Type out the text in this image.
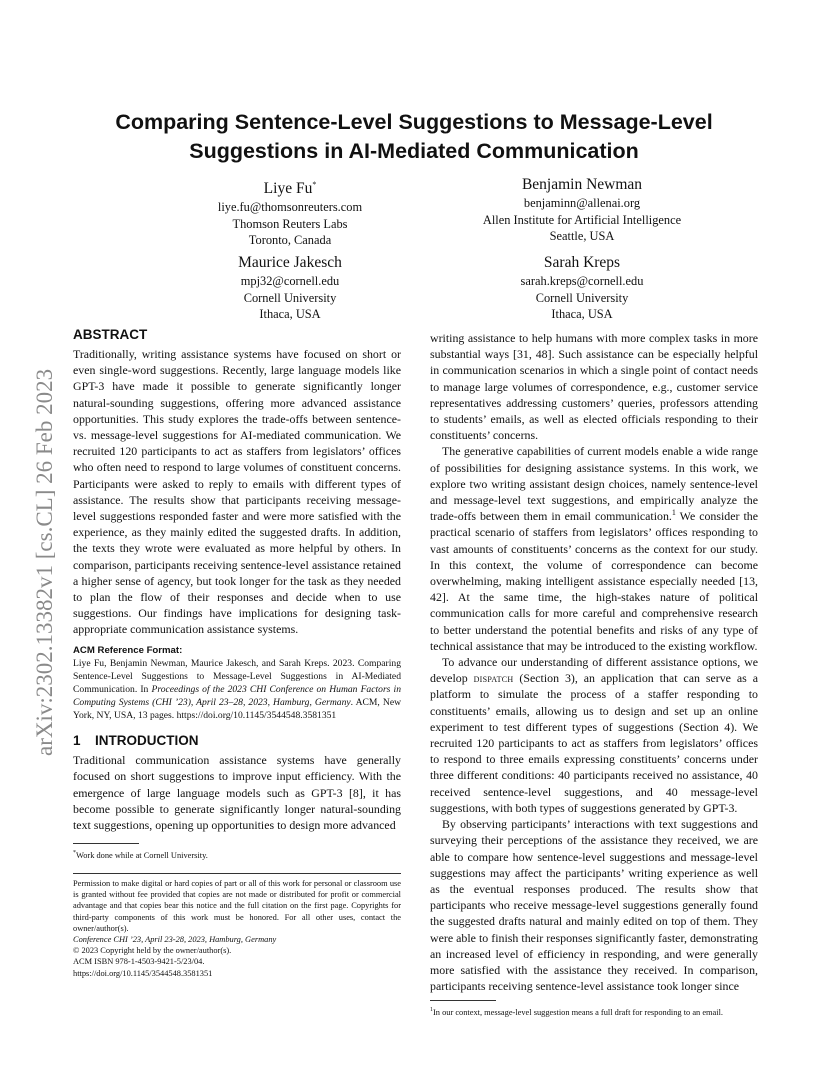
arXiv:2302.13382v1 [cs.CL] 26 Feb 2023
Comparing Sentence-Level Suggestions to Message-Level Suggestions in AI-Mediated Communication
Liye Fu*
liye.fu@thomsonreuters.com
Thomson Reuters Labs
Toronto, Canada
Benjamin Newman
benjaminn@allenai.org
Allen Institute for Artificial Intelligence
Seattle, USA
Maurice Jakesch
mpj32@cornell.edu
Cornell University
Ithaca, USA
Sarah Kreps
sarah.kreps@cornell.edu
Cornell University
Ithaca, USA
ABSTRACT

Traditionally, writing assistance systems have focused on short or even single-word suggestions. Recently, large language models like GPT-3 have made it possible to generate significantly longer natural-sounding suggestions, offering more advanced assistance opportunities. This study explores the trade-offs between sentence- vs. message-level suggestions for AI-mediated communication. We recruited 120 participants to act as staffers from legislators’ offices who often need to respond to large volumes of constituent concerns. Participants were asked to reply to emails with different types of assistance. The results show that participants receiving message-level suggestions responded faster and were more satisfied with the experience, as they mainly edited the suggested drafts. In addition, the texts they wrote were evaluated as more helpful by others. In comparison, participants receiving sentence-level assistance retained a higher sense of agency, but took longer for the task as they needed to plan the flow of their responses and decide when to use suggestions. Our findings have implications for designing task-appropriate communication assistance systems.

ACM Reference Format:
Liye Fu, Benjamin Newman, Maurice Jakesch, and Sarah Kreps. 2023. Comparing Sentence-Level Suggestions to Message-Level Suggestions in AI-Mediated Communication. In Proceedings of the 2023 CHI Conference on Human Factors in Computing Systems (CHI ’23), April 23–28, 2023, Hamburg, Germany. ACM, New York, NY, USA, 13 pages. https://doi.org/10.1145/3544548.3581351
1 INTRODUCTION

Traditional communication assistance systems have generally focused on short suggestions to improve input efficiency. With the emergence of large language models such as GPT-3 [8], it has become possible to generate significantly longer natural-sounding text suggestions, opening up opportunities to design more advanced

*Work done while at Cornell University.
Permission to make digital or hard copies of part or all of this work for personal or classroom use is granted without fee provided that copies are not made or distributed for profit or commercial advantage and that copies bear this notice and the full citation on the first page. Copyrights for third-party components of this work must be honored. For all other uses, contact the owner/author(s).
Conference CHI ’23, April 23-28, 2023, Hamburg, Germany
© 2023 Copyright held by the owner/author(s).
ACM ISBN 978-1-4503-9421-5/23/04.
https://doi.org/10.1145/3544548.3581351

writing assistance to help humans with more complex tasks in more substantial ways [31, 48]. Such assistance can be especially helpful in communication scenarios in which a single point of contact needs to manage large volumes of correspondence, e.g., customer service representatives addressing customers’ queries, professors attending to students’ emails, as well as elected officials responding to their constituents’ concerns.

The generative capabilities of current models enable a wide range of possibilities for designing assistance systems. In this work, we explore two writing assistant design choices, namely sentence-level and message-level text suggestions, and empirically analyze the trade-offs between them in email communication.$^1$ We consider the practical scenario of staffers from legislators’ offices responding to vast amounts of constituents’ concerns as the context for our study. In this context, the volume of correspondence can become overwhelming, making intelligent assistance especially needed [13, 42]. At the same time, the high-stakes nature of political communication calls for more careful and comprehensive research to better understand the potential benefits and risks of any type of technical assistance that may be introduced to the existing workflow.

To advance our understanding of different assistance options, we develop dispatch (Section 3), an application that can serve as a platform to simulate the process of a staffer responding to constituents’ emails, allowing us to design and set up an online experiment to test different types of suggestions (Section 4). We recruited 120 participants to act as staffers from legislators’ offices to respond to three emails expressing constituents’ concerns under three different conditions: 40 participants received no assistance, 40 received sentence-level suggestions, and 40 message-level suggestions, with both types of suggestions generated by GPT-3.

By observing participants’ interactions with text suggestions and surveying their perceptions of the assistance they received, we are able to compare how sentence-level suggestions and message-level suggestions may affect the participants’ writing experience as well as the eventual responses produced. The results show that participants who receive message-level suggestions generally found the suggested drafts natural and mainly edited on top of them. They were able to finish their responses significantly faster, demonstrating an increased level of efficiency in responding, and were generally more satisfied with the assistance they received. In comparison, participants receiving sentence-level assistance took longer since

$^1$In our context, message-level suggestion means a full draft for responding to an email.
